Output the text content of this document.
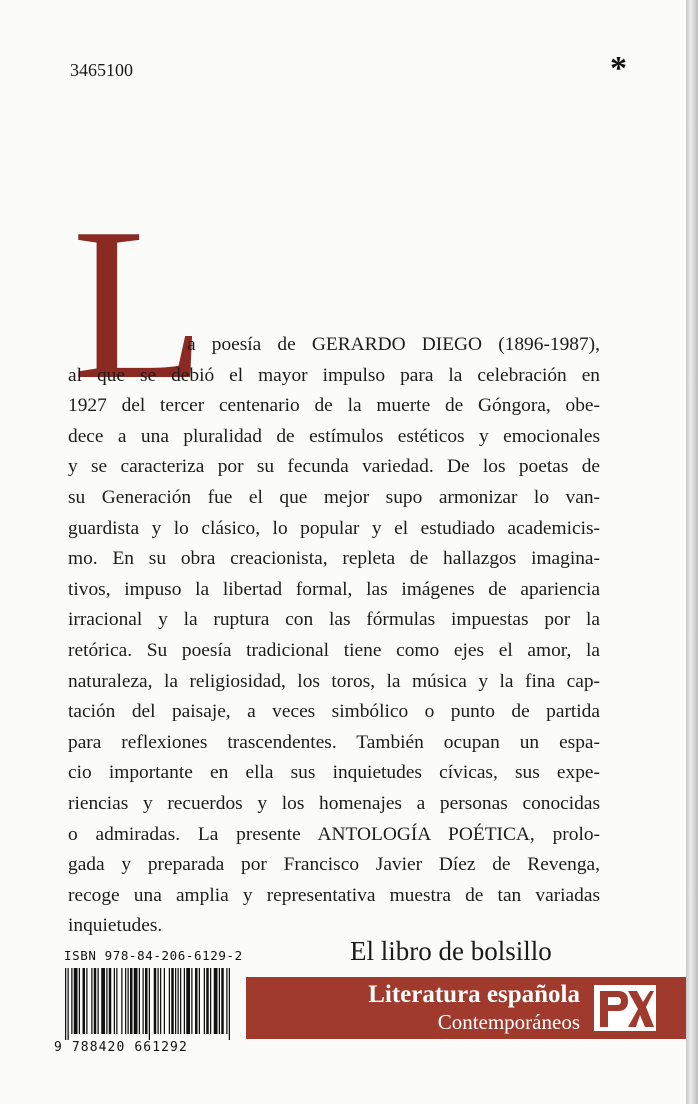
3465100	*
L
a poesía de GERARDO DIEGO (1896-1987),
al que se debió el mayor impulso para la celebración en
1927 del tercer centenario de la muerte de Góngora, obe-
dece a una pluralidad de estímulos estéticos y emocionales
y se caracteriza por su fecunda variedad. De los poetas de
su Generación fue el que mejor supo armonizar lo van-
guardista y lo clásico, lo popular y el estudiado academicis-
mo. En su obra creacionista, repleta de hallazgos imagina-
tivos, impuso la libertad formal, las imágenes de apariencia
irracional y la ruptura con las fórmulas impuestas por la
retórica. Su poesía tradicional tiene como ejes el amor, la
naturaleza, la religiosidad, los toros, la música y la fina cap-
tación del paisaje, a veces simbólico o punto de partida
para reflexiones trascendentes. También ocupan un espa-
cio importante en ella sus inquietudes cívicas, sus expe-
riencias y recuerdos y los homenajes a personas conocidas
o admiradas. La presente ANTOLOGÍA POÉTICA, prolo-
gada y preparada por Francisco Javier Díez de Revenga,
recoge una amplia y representativa muestra de tan variadas
inquietudes.
ISBN 978-84-206-6129-2
9 788420 661292
El libro de bolsillo
Literatura española
Contemporáneos
